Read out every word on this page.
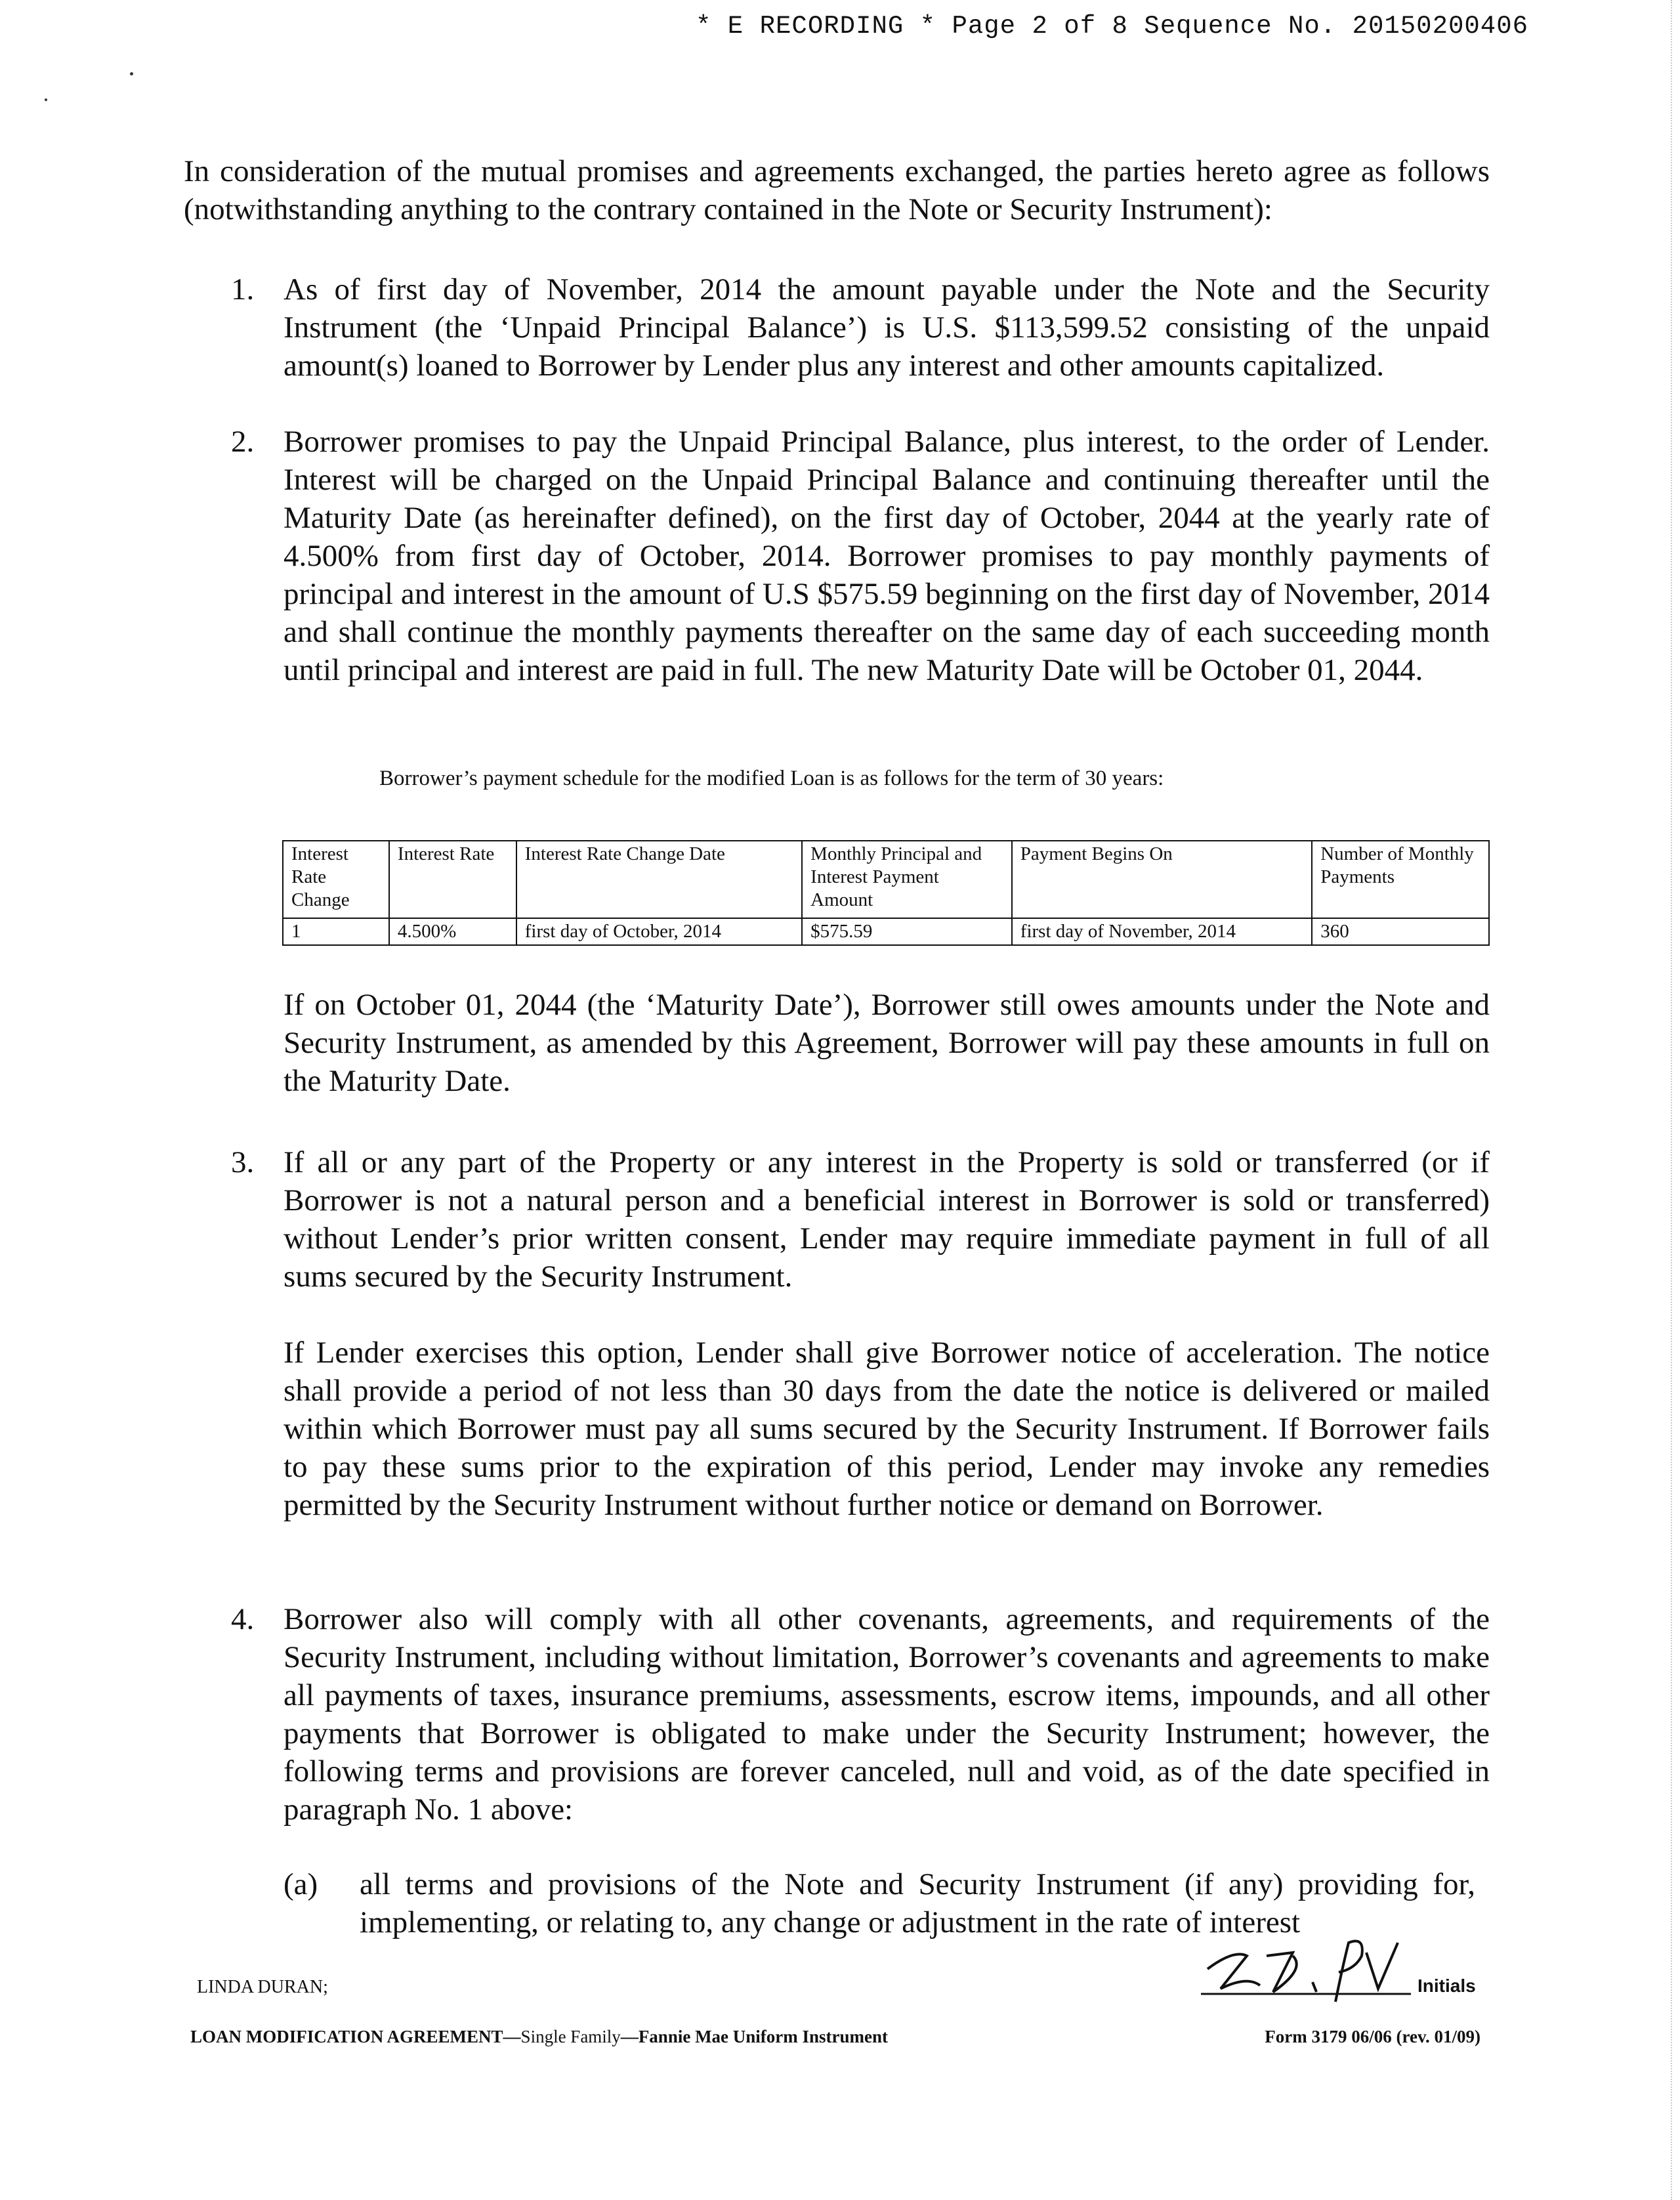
* E RECORDING * Page 2 of 8 Sequence No. 20150200406
In consideration of the mutual promises and agreements exchanged, the parties hereto agree as follows (notwithstanding anything to the contrary contained in the Note or Security Instrument):
1. As of first day of November, 2014 the amount payable under the Note and the Security Instrument (the ‘Unpaid Principal Balance’) is U.S. $113,599.52 consisting of the unpaid amount(s) loaned to Borrower by Lender plus any interest and other amounts capitalized.
2. Borrower promises to pay the Unpaid Principal Balance, plus interest, to the order of Lender. Interest will be charged on the Unpaid Principal Balance and continuing thereafter until the Maturity Date (as hereinafter defined), on the first day of October, 2044 at the yearly rate of 4.500% from first day of October, 2014. Borrower promises to pay monthly payments of principal and interest in the amount of U.S $575.59 beginning on the first day of November, 2014 and shall continue the monthly payments thereafter on the same day of each succeeding month until principal and interest are paid in full. The new Maturity Date will be October 01, 2044.
Borrower’s payment schedule for the modified Loan is as follows for the term of 30 years:
Interest Rate Change	Interest Rate	Interest Rate Change Date	Monthly Principal and Interest Payment Amount	Payment Begins On	Number of Monthly Payments
1	4.500%	first day of October, 2014	$575.59	first day of November, 2014	360
If on October 01, 2044 (the ‘Maturity Date’), Borrower still owes amounts under the Note and Security Instrument, as amended by this Agreement, Borrower will pay these amounts in full on the Maturity Date.
3. If all or any part of the Property or any interest in the Property is sold or transferred (or if Borrower is not a natural person and a beneficial interest in Borrower is sold or transferred) without Lender’s prior written consent, Lender may require immediate payment in full of all sums secured by the Security Instrument.
If Lender exercises this option, Lender shall give Borrower notice of acceleration. The notice shall provide a period of not less than 30 days from the date the notice is delivered or mailed within which Borrower must pay all sums secured by the Security Instrument. If Borrower fails to pay these sums prior to the expiration of this period, Lender may invoke any remedies permitted by the Security Instrument without further notice or demand on Borrower.
4. Borrower also will comply with all other covenants, agreements, and requirements of the Security Instrument, including without limitation, Borrower’s covenants and agreements to make all payments of taxes, insurance premiums, assessments, escrow items, impounds, and all other payments that Borrower is obligated to make under the Security Instrument; however, the following terms and provisions are forever canceled, null and void, as of the date specified in paragraph No. 1 above:
(a) all terms and provisions of the Note and Security Instrument (if any) providing for, implementing, or relating to, any change or adjustment in the rate of interest
LINDA DURAN;	Initials
LOAN MODIFICATION AGREEMENT—Single Family—Fannie Mae Uniform Instrument	Form 3179 06/06 (rev. 01/09)
